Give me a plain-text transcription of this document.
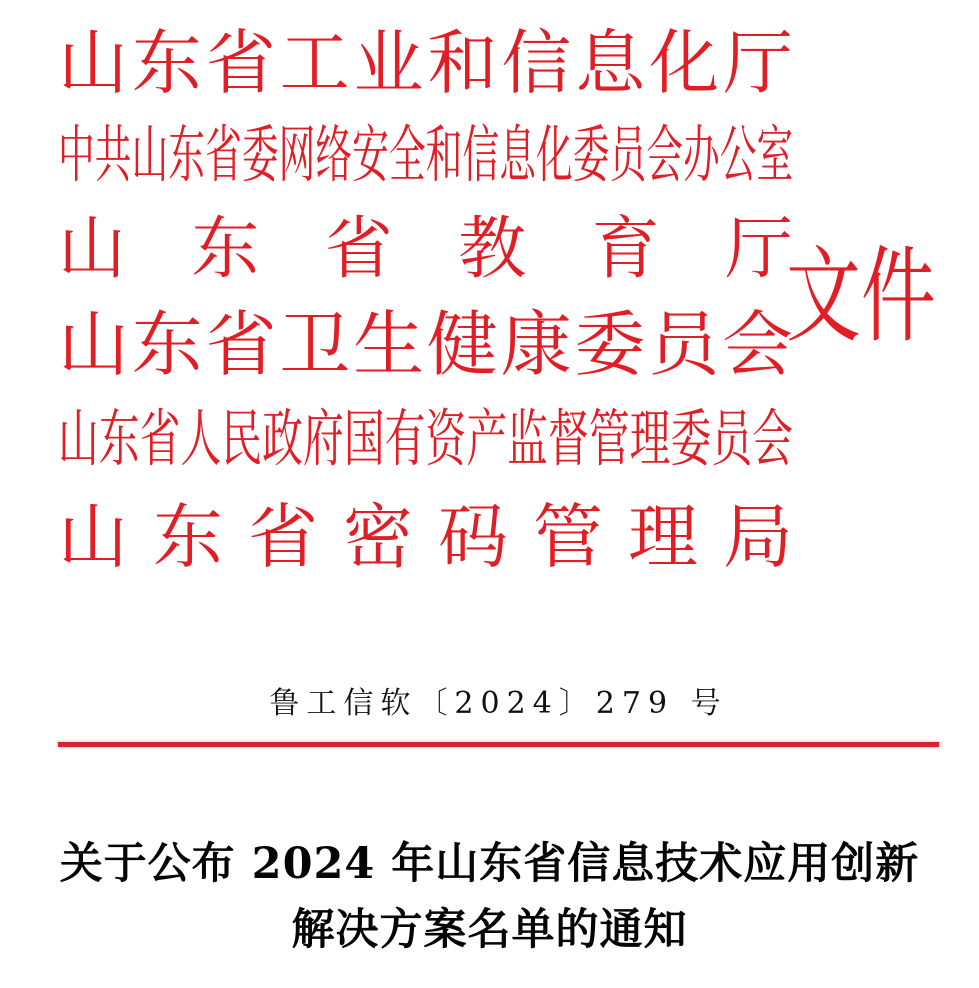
山东省工业和信息化厅
中共山东省委网络安全和信息化委员会办公室
山东省教育厅
山东省卫生健康委员会
山东省人民政府国有资产监督管理委员会
山东省密码管理局
文件
鲁工信软〔2024〕279 号
关于公布 2024 年山东省信息技术应用创新
解决方案名单的通知
